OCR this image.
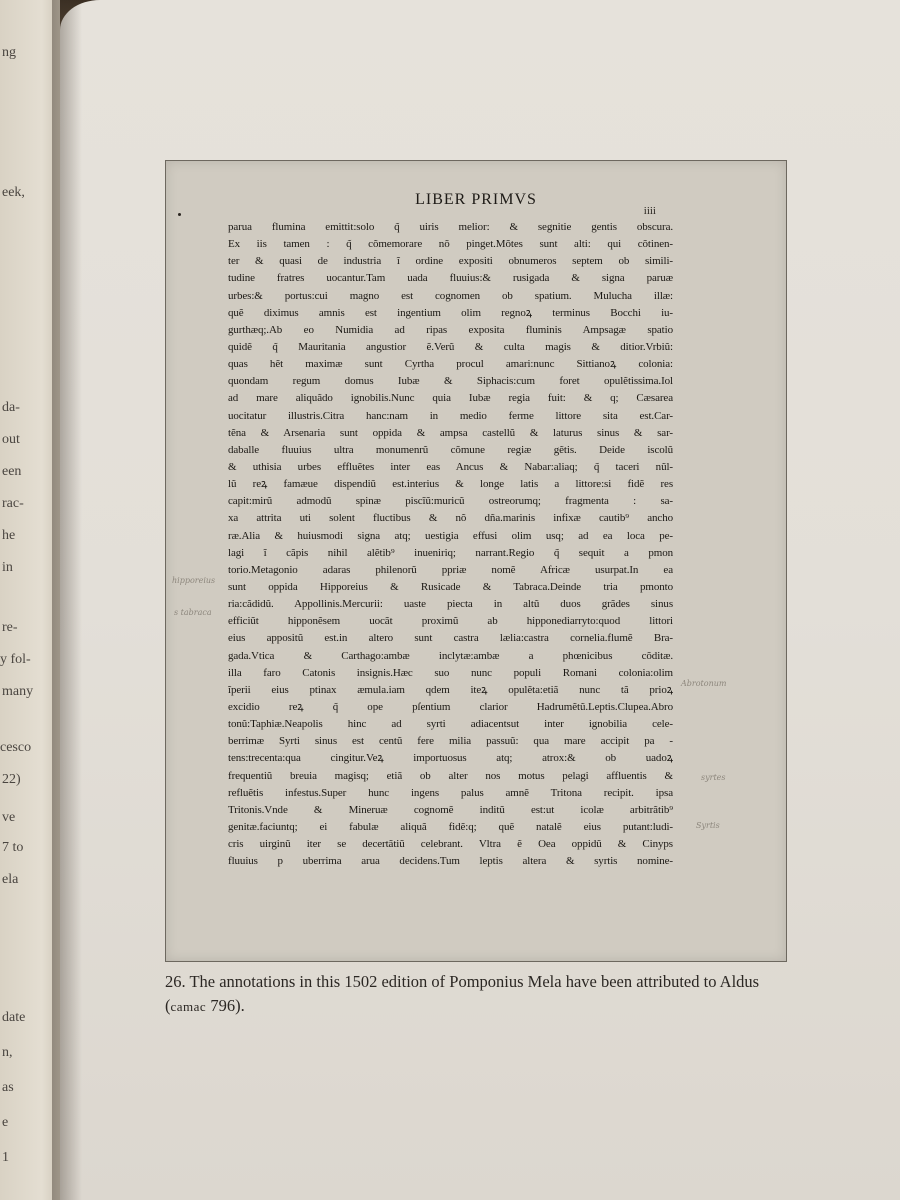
ng
eek,
da-
out
een
rac-
he
in
re-
y fol-
many
cesco
22)
ve
7 to
ela
date
n,
as
e
1
LIBER PRIMVS
iiii
parua flumina emittit:solo q̃ uiris melior: & segnitie gentis obscura.
Ex iis tamen : q̃ cõmemorare nõ pinget.Mõtes sunt alti: qui cõtinen-
ter & quasi de industria ĩ ordine expositi obnumeros septem ob simili-
tudine fratres uocantur.Tam uada fluuius:& rusigada & signa paruæ
urbes:& portus:cui magno est cognomen ob spatium. Mulucha illæ:
quẽ diximus amnis est ingentium olim regnoꝝ terminus Bocchi iu-
gurthæq;.Ab eo Numidia ad ripas exposita fluminis Ampsagæ spatio
quidẽ q̃ Mauritania angustior ẽ.Verũ & culta magis & ditior.Vrbiũ:
quas hẽt maximæ sunt Cyrtha procul amari:nunc Sittianoꝝ colonia:
quondam regum domus Iubæ & Siphacis:cum foret opulẽtissima.Iol
ad mare aliquãdo ignobilis.Nunc quia Iubæ regia fuit: & q; Cæsarea
uocitatur illustris.Citra hanc:nam in medio ferme littore sita est.Car-
tẽna & Arsenaria sunt oppida & ampsa castellũ & laturus sinus & sar-
daballe fluuius ultra monumenrũ cõmune regiæ gẽtis. Deide iscolũ
& uthisia urbes effluẽtes inter eas Ancus & Nabar:aliaq; q̃ taceri nũl-
lũ reꝝ famæue dispendiũ est.interius & longe latis a littore:si fidẽ res
capit:mirũ admodũ spinæ piscĩũ:muricũ ostreorumq; fragmenta : sa-
xa attrita uti solent fluctibus & nõ dña.marinis infixæ cautib⁹ ancho
ræ.Alia & huiusmodi signa atq; uestigia effusi olim usq; ad ea loca pe-
lagi ĩ cãpis nihil alẽtib⁹ inueniriq; narrant.Regio q̃ sequit a pmon
torio.Metagonio adaras philenorũ ppriæ nomẽ Africæ usurpat.In ea
sunt oppida Hipporeius & Rusicade & Tabraca.Deinde tria pmonto
ria:cãdidũ. Appollinis.Mercurii: uaste piecta in altũ duos grãdes sinus
efficiũt hipponẽsem uocãt proximũ ab hipponediarryto:quod littori
eius appositũ est.in altero sunt castra lælia:castra cornelia.flumẽ Bra-
gada.Vtica & Carthago:ambæ inclytæ:ambæ a phœnicibus cõditæ.
illa faro Catonis insignis.Hæc suo nunc populi Romani colonia:olim
ĩperii eius ptinax æmula.iam qdem iteꝝ opulẽta:etiã nunc tã prioꝝ
excidio reꝝ q̃ ope pſentium clarior Hadrumẽtũ.Leptis.Clupea.Abro
tonũ:Taphiæ.Neapolis hinc ad syrti adiacentsut inter ignobilia cele-
berrimæ Syrti sinus est centũ fere milia passuũ: qua mare accipit pa -
tens:trecenta:qua cingitur.Veꝝ importuosus atq; atrox:& ob uadoꝝ
frequentiũ breuia magisq; etiã ob alter nos motus pelagi affluentis &
refluẽtis infestus.Super hunc ingens palus amnẽ Tritona recipit. ipsa
Tritonis.Vnde & Mineruæ cognomẽ inditũ est:ut icolæ arbitrãtib⁹
genitæ.faciuntq; ei fabulæ aliquã fidẽ:q; quẽ natalẽ eius putant:ludi-
cris uirginũ iter se decertãtiũ celebrant. Vltra ẽ Oea oppidũ & Cinyps
fluuius p uberrima arua decidens.Tum leptis altera & syrtis nomine-
hipporeius
s tabraca
syrtes
Abrotonum
Syrtis
26. The annotations in this 1502 edition of Pomponius Mela have been attributed to Aldus (camac 796).
